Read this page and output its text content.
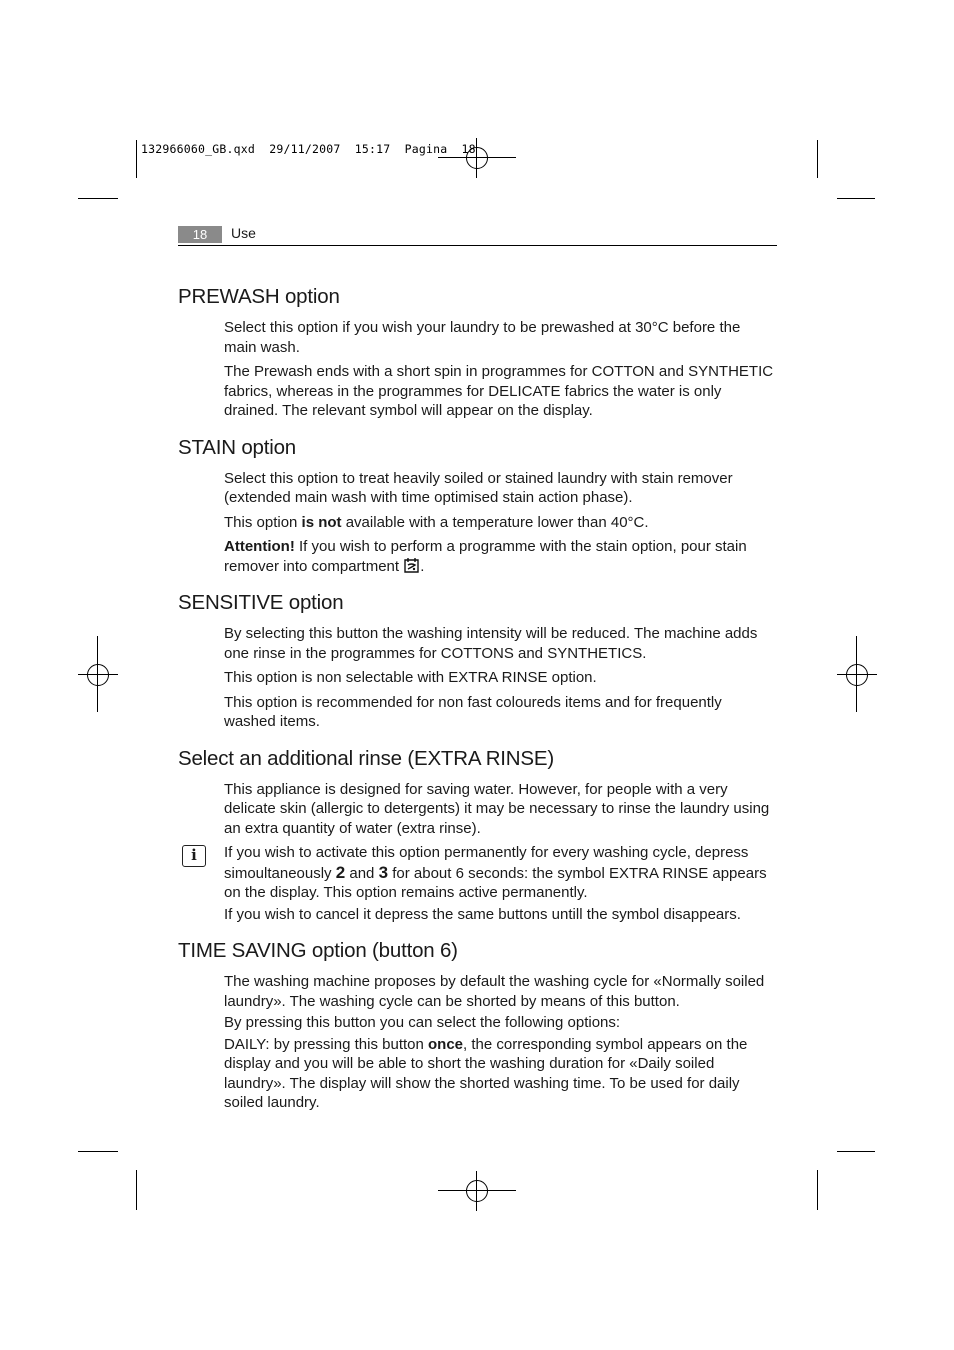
132966060_GB.qxd  29/11/2007  15:17  Pagina  18
18	Use
PREWASH option

Select this option if you wish your laundry to be prewashed at 30°C before the main wash.

The Prewash ends with a short spin in programmes for COTTON and SYNTHETIC fabrics, whereas in the programmes for DELICATE fabrics the water is only drained. The relevant symbol will appear on the display.

STAIN option

Select this option to treat heavily soiled or stained laundry with stain remover (extended main wash with time optimised stain action phase).

This option is not available with a temperature lower than 40°C.

Attention! If you wish to perform a programme with the stain option, pour stain remover into compartment .

SENSITIVE option

By selecting this button the washing intensity will be reduced. The machine adds one rinse in the programmes for COTTONS and SYNTHETICS.

This option is non selectable with EXTRA RINSE option.

This option is recommended for non fast coloureds items and for frequently washed items.

Select an additional rinse (EXTRA RINSE)

This appliance is designed for saving water. However, for people with a very delicate skin (allergic to detergents) it may be necessary to rinse the laundry using an extra quantity of water (extra rinse).

i	If you wish to activate this option permanently for every washing cycle, depress simoultaneously 2 and 3 for about 6 seconds: the symbol EXTRA RINSE appears on the display. This option remains active permanently.

If you wish to cancel it depress the same buttons untill the symbol disappears.

TIME SAVING option (button 6)

The washing machine proposes by default the washing cycle for «Normally soiled laundry». The washing cycle can be shorted by means of this button.

By pressing this button you can select the following options:

DAILY: by pressing this button once, the corresponding symbol appears on the display and you will be able to short the washing duration for «Daily soiled laundry». The display will show the shorted washing time. To be used for daily soiled laundry.
